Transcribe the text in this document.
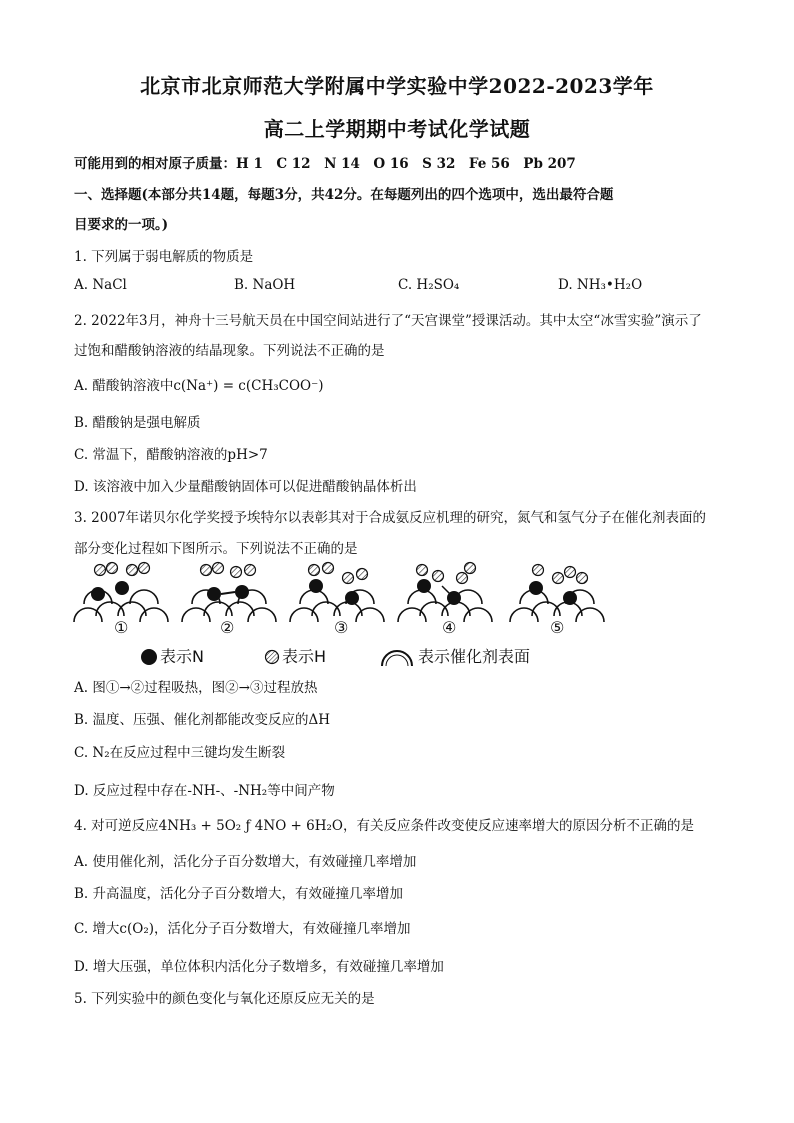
北京市北京师范大学附属中学实验中学2022-2023学年
高二上学期期中考试化学试题
可能用到的相对原子质量：H 1　C 12　N 14　O 16　S 32　Fe 56　Pb 207
一、选择题(本部分共14题，每题3分，共42分。在每题列出的四个选项中，选出最符合题
目要求的一项。)
1. 下列属于弱电解质的物质是
A. NaCl	B. NaOH	C. H₂SO₄	D. NH₃•H₂O
2. 2022年3月，神舟十三号航天员在中国空间站进行了“天宫课堂”授课活动。其中太空“冰雪实验”演示了
过饱和醋酸钠溶液的结晶现象。下列说法不正确的是
A. 醋酸钠溶液中c(Na⁺) = c(CH₃COO⁻)
B. 醋酸钠是强电解质
C. 常温下，醋酸钠溶液的pH>7
D. 该溶液中加入少量醋酸钠固体可以促进醋酸钠晶体析出
3. 2007年诺贝尔化学奖授予埃特尔以表彰其对于合成氨反应机理的研究，氮气和氢气分子在催化剂表面的
部分变化过程如下图所示。下列说法不正确的是
①	②	③	④	⑤
表示N	表示H	表示催化剂表面
A. 图①→②过程吸热，图②→③过程放热
B. 温度、压强、催化剂都能改变反应的ΔH
C. N₂在反应过程中三键均发生断裂
D. 反应过程中存在-NH-、-NH₂等中间产物
4. 对可逆反应4NH₃ + 5O₂ ƒ 4NO + 6H₂O，有关反应条件改变使反应速率增大的原因分析不正确的是
A. 使用催化剂，活化分子百分数增大，有效碰撞几率增加
B. 升高温度，活化分子百分数增大，有效碰撞几率增加
C. 增大c(O₂)，活化分子百分数增大，有效碰撞几率增加
D. 增大压强，单位体积内活化分子数增多，有效碰撞几率增加
5. 下列实验中的颜色变化与氧化还原反应无关的是
